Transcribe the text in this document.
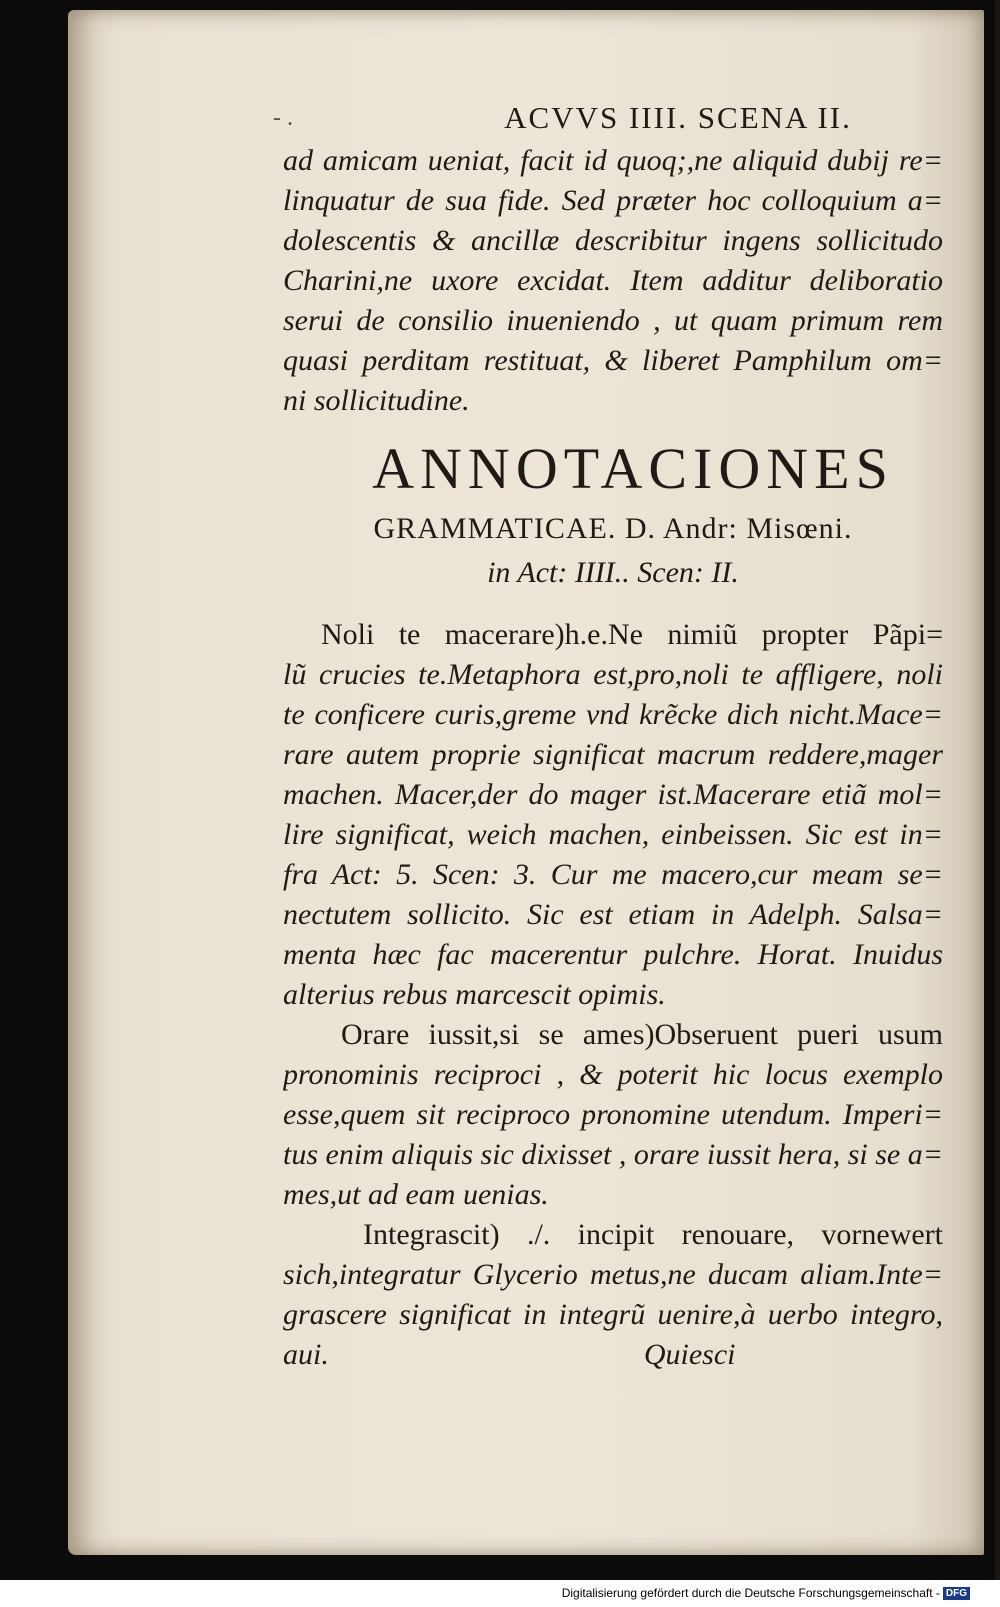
- .	ACVVS IIII. SCENA II.
ad amicam ueniat, facit id quoq;,ne aliquid dubij re=
linquatur de sua fide. Sed præter hoc colloquium a=
dolescentis & ancillæ describitur ingens sollicitudo
Charini,ne uxore excidat. Item additur deliboratio
serui de consilio inueniendo , ut quam primum rem
quasi perditam restituat, & liberet Pamphilum om=
ni sollicitudine.
ANNOTACIONES
GRAMMATICAE. D. Andr: Misœni.
in Act: IIII.. Scen: II.
Noli te macerare)h.e.Ne nimiũ propter Pãpi=
lũ crucies te.Metaphora est,pro,noli te affligere, noli
te conficere curis,greme vnd krẽcke dich nicht.Mace=
rare autem proprie significat macrum reddere,mager
machen. Macer,der do mager ist.Macerare etiã mol=
lire significat, weich machen, einbeissen. Sic est in=
fra Act: 5. Scen: 3. Cur me macero,cur meam se=
nectutem sollicito. Sic est etiam in Adelph. Salsa=
menta hæc fac macerentur pulchre. Horat. Inuidus
alterius rebus marcescit opimis.
Orare iussit,si se ames)Obseruent pueri usum
pronominis reciproci , & poterit hic locus exemplo
esse,quem sit reciproco pronomine utendum. Imperi=
tus enim aliquis sic dixisset , orare iussit hera, si se a=
mes,ut ad eam uenias.
Integrascit) ./. incipit renouare, vornewert
sich,integratur Glycerio metus,ne ducam aliam.Inte=
grascere significat in integrũ uenire,à uerbo integro,
aui.                                          Quiesci
Digitalisierung gefördert durch die Deutsche Forschungsgemeinschaft - DFG
